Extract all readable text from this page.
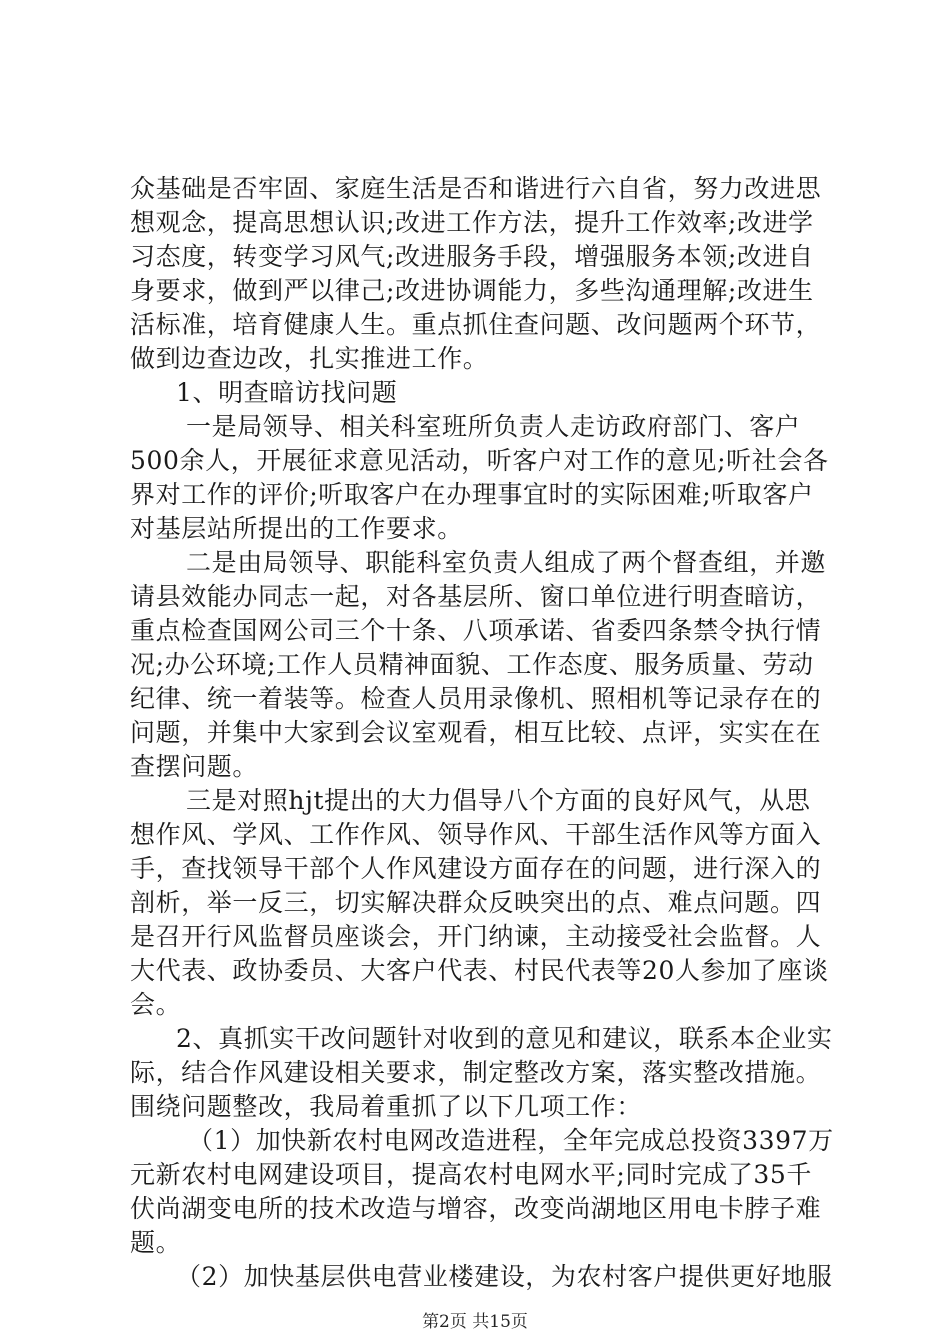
众基础是否牢固、家庭生活是否和谐进行六自省，努力改进思
想观念，提高思想认识;改进工作方法，提升工作效率;改进学
习态度，转变学习风气;改进服务手段，增强服务本领;改进自
身要求，做到严以律己;改进协调能力，多些沟通理解;改进生
活标准，培育健康人生。重点抓住查问题、改问题两个环节，
做到边查边改，扎实推进工作。
1、明查暗访找问题
一是局领导、相关科室班所负责人走访政府部门、客户
500余人，开展征求意见活动，听客户对工作的意见;听社会各
界对工作的评价;听取客户在办理事宜时的实际困难;听取客户
对基层站所提出的工作要求。
二是由局领导、职能科室负责人组成了两个督查组，并邀
请县效能办同志一起，对各基层所、窗口单位进行明查暗访，
重点检查国网公司三个十条、八项承诺、省委四条禁令执行情
况;办公环境;工作人员精神面貌、工作态度、服务质量、劳动
纪律、统一着装等。检查人员用录像机、照相机等记录存在的
问题，并集中大家到会议室观看，相互比较、点评，实实在在
查摆问题。
三是对照hjt提出的大力倡导八个方面的良好风气，从思
想作风、学风、工作作风、领导作风、干部生活作风等方面入
手，查找领导干部个人作风建设方面存在的问题，进行深入的
剖析，举一反三，切实解决群众反映突出的点、难点问题。四
是召开行风监督员座谈会，开门纳谏，主动接受社会监督。人
大代表、政协委员、大客户代表、村民代表等20人参加了座谈
会。
2、真抓实干改问题针对收到的意见和建议，联系本企业实
际，结合作风建设相关要求，制定整改方案，落实整改措施。
围绕问题整改，我局着重抓了以下几项工作：
（1）加快新农村电网改造进程，全年完成总投资3397万
元新农村电网建设项目，提高农村电网水平;同时完成了35千
伏尚湖变电所的技术改造与增容，改变尚湖地区用电卡脖子难
题。
（2）加快基层供电营业楼建设，为农村客户提供更好地服
第2页 共15页
